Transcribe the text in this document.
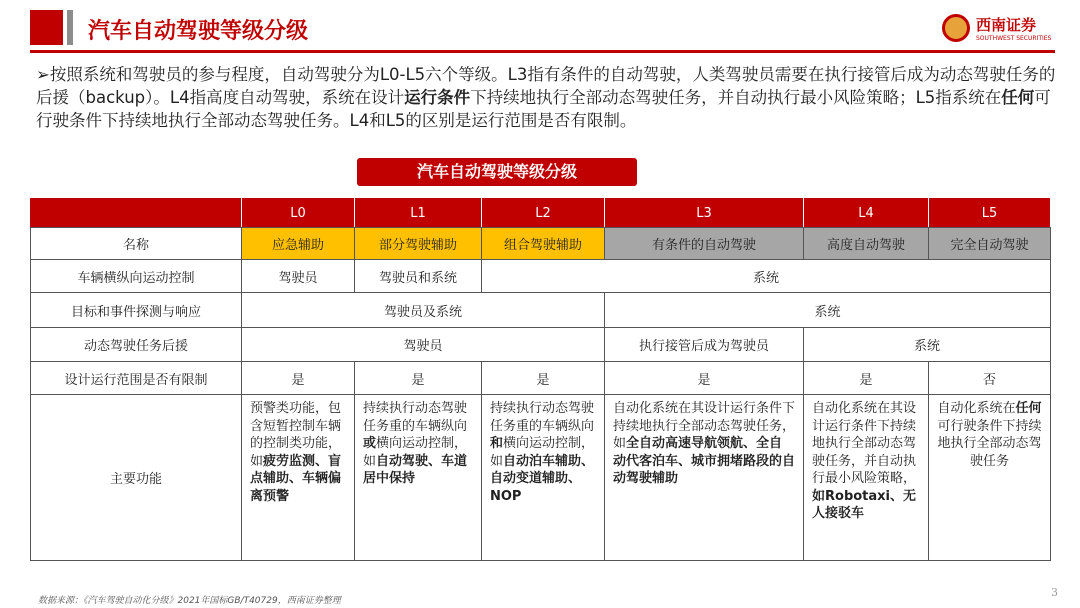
汽车自动驾驶等级分级	西南证券
SOUTHWEST SECURITIES
➢按照系统和驾驶员的参与程度，自动驾驶分为L0-L5六个等级。L3指有条件的自动驾驶，人类驾驶员需要在执行接管后成为动态驾驶任务的后援（backup）。L4指高度自动驾驶，系统在设计运行条件下持续地执行全部动态驾驶任务，并自动执行最小风险策略；L5指系统在任何可行驶条件下持续地执行全部动态驾驶任务。L4和L5的区别是运行范围是否有限制。
汽车自动驾驶等级分级
	L0	L1	L2	L3	L4	L5
名称	应急辅助	部分驾驶辅助	组合驾驶辅助	有条件的自动驾驶	高度自动驾驶	完全自动驾驶
车辆横纵向运动控制	驾驶员	驾驶员和系统	系统			
目标和事件探测与响应	驾驶员及系统			系统		
动态驾驶任务后援	驾驶员			执行接管后成为驾驶员	系统	
设计运行范围是否有限制	是	是	是	是	是	否
主要功能	预警类功能，包含短暂控制车辆的控制类功能，如疲劳监测、盲点辅助、车辆偏离预警	持续执行动态驾驶任务重的车辆纵向或横向运动控制，如自动驾驶、车道居中保持	持续执行动态驾驶任务重的车辆纵向和横向运动控制，如自动泊车辅助、自动变道辅助、NOP	自动化系统在其设计运行条件下持续地执行全部动态驾驶任务，如全自动高速导航领航、全自动代客泊车、城市拥堵路段的自动驾驶辅助	自动化系统在其设计运行条件下持续地执行全部动态驾驶任务，并自动执行最小风险策略，如Robotaxi、无人接驳车	自动化系统在任何可行驶条件下持续地执行全部动态驾驶任务
数据来源：《汽车驾驶自动化分级》2021年国标GB/T40729，西南证券整理
3
